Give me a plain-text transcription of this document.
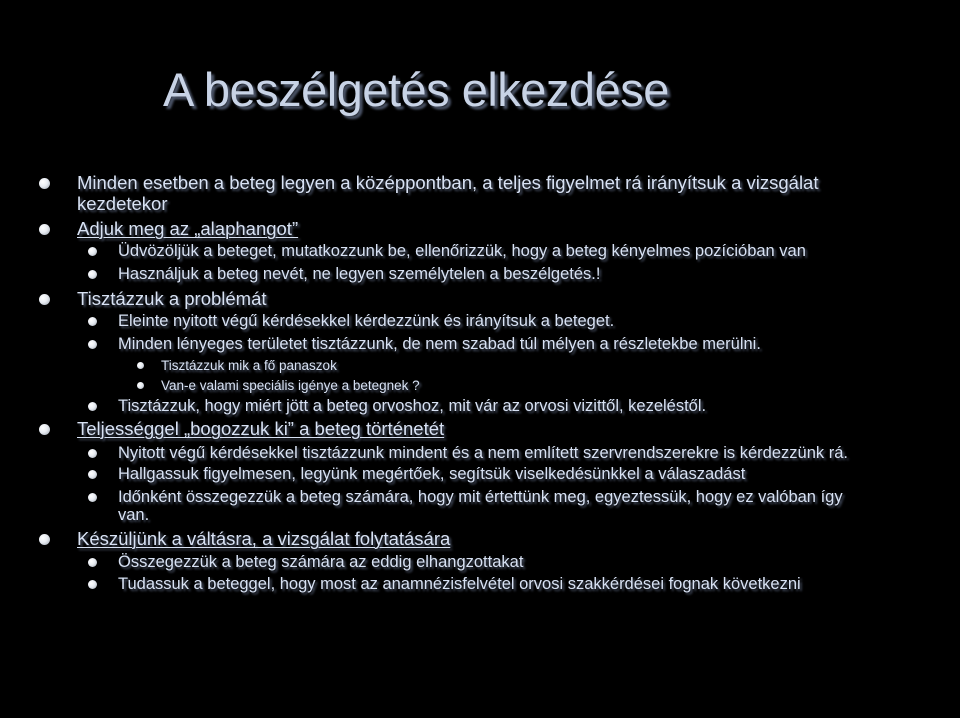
A beszélgetés elkezdése
Minden esetben a beteg legyen a középpontban, a teljes figyelmet rá irányítsuk a vizsgálat
kezdetekor
Adjuk meg az „alaphangot”
Üdvözöljük a beteget, mutatkozzunk be, ellenőrizzük, hogy a beteg kényelmes pozícióban van
Használjuk a beteg nevét, ne legyen személytelen a beszélgetés.!
Tisztázzuk a problémát
Eleinte nyitott végű kérdésekkel kérdezzünk és irányítsuk a beteget.
Minden lényeges területet tisztázzunk, de nem szabad túl mélyen a részletekbe merülni.
Tisztázzuk mik a fő panaszok
Van-e valami speciális igénye a betegnek ?
Tisztázzuk, hogy miért jött a beteg orvoshoz, mit vár az orvosi vizittől, kezeléstől.
Teljességgel „bogozzuk ki” a beteg történetét
Nyitott végű kérdésekkel tisztázzunk mindent és a nem említett szervrendszerekre is kérdezzünk rá.
Hallgassuk figyelmesen, legyünk megértőek, segítsük viselkedésünkkel a válaszadást
Időnként összegezzük a beteg számára, hogy mit értettünk meg, egyeztessük, hogy ez valóban így
van.
Készüljünk a váltásra, a vizsgálat folytatására
Összegezzük a beteg számára az eddig elhangzottakat
Tudassuk a beteggel, hogy most az anamnézisfelvétel orvosi szakkérdései fognak következni
